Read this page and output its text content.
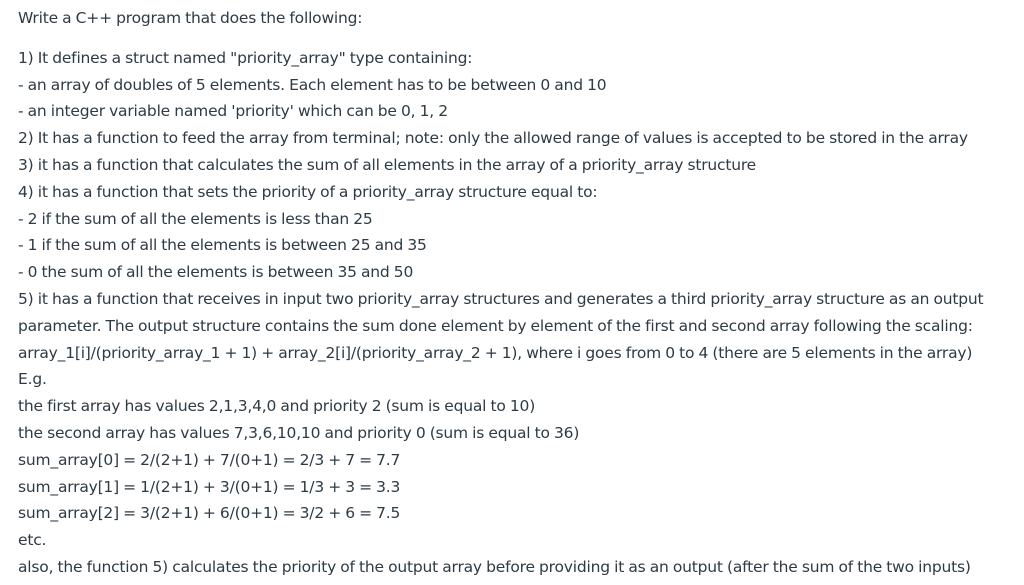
Write a C++ program that does the following:
1) It defines a struct named "priority_array" type containing:
- an array of doubles of 5 elements. Each element has to be between 0 and 10
- an integer variable named 'priority' which can be 0, 1, 2
2) It has a function to feed the array from terminal; note: only the allowed range of values is accepted to be stored in the array
3) it has a function that calculates the sum of all elements in the array of a priority_array structure
4) it has a function that sets the priority of a priority_array structure equal to:
- 2 if the sum of all the elements is less than 25
- 1 if the sum of all the elements is between 25 and 35
- 0 the sum of all the elements is between 35 and 50
5) it has a function that receives in input two priority_array structures and generates a third priority_array structure as an output
parameter. The output structure contains the sum done element by element of the first and second array following the scaling:
array_1[i]/(priority_array_1 + 1) + array_2[i]/(priority_array_2 + 1), where i goes from 0 to 4 (there are 5 elements in the array)
E.g.
the first array has values 2,1,3,4,0 and priority 2 (sum is equal to 10)
the second array has values 7,3,6,10,10 and priority 0 (sum is equal to 36)
sum_array[0] = 2/(2+1) + 7/(0+1) = 2/3 + 7 = 7.7
sum_array[1] = 1/(2+1) + 3/(0+1) = 1/3 + 3 = 3.3
sum_array[2] = 3/(2+1) + 6/(0+1) = 3/2 + 6 = 7.5
etc.
also, the function 5) calculates the priority of the output array before providing it as an output (after the sum of the two inputs)
